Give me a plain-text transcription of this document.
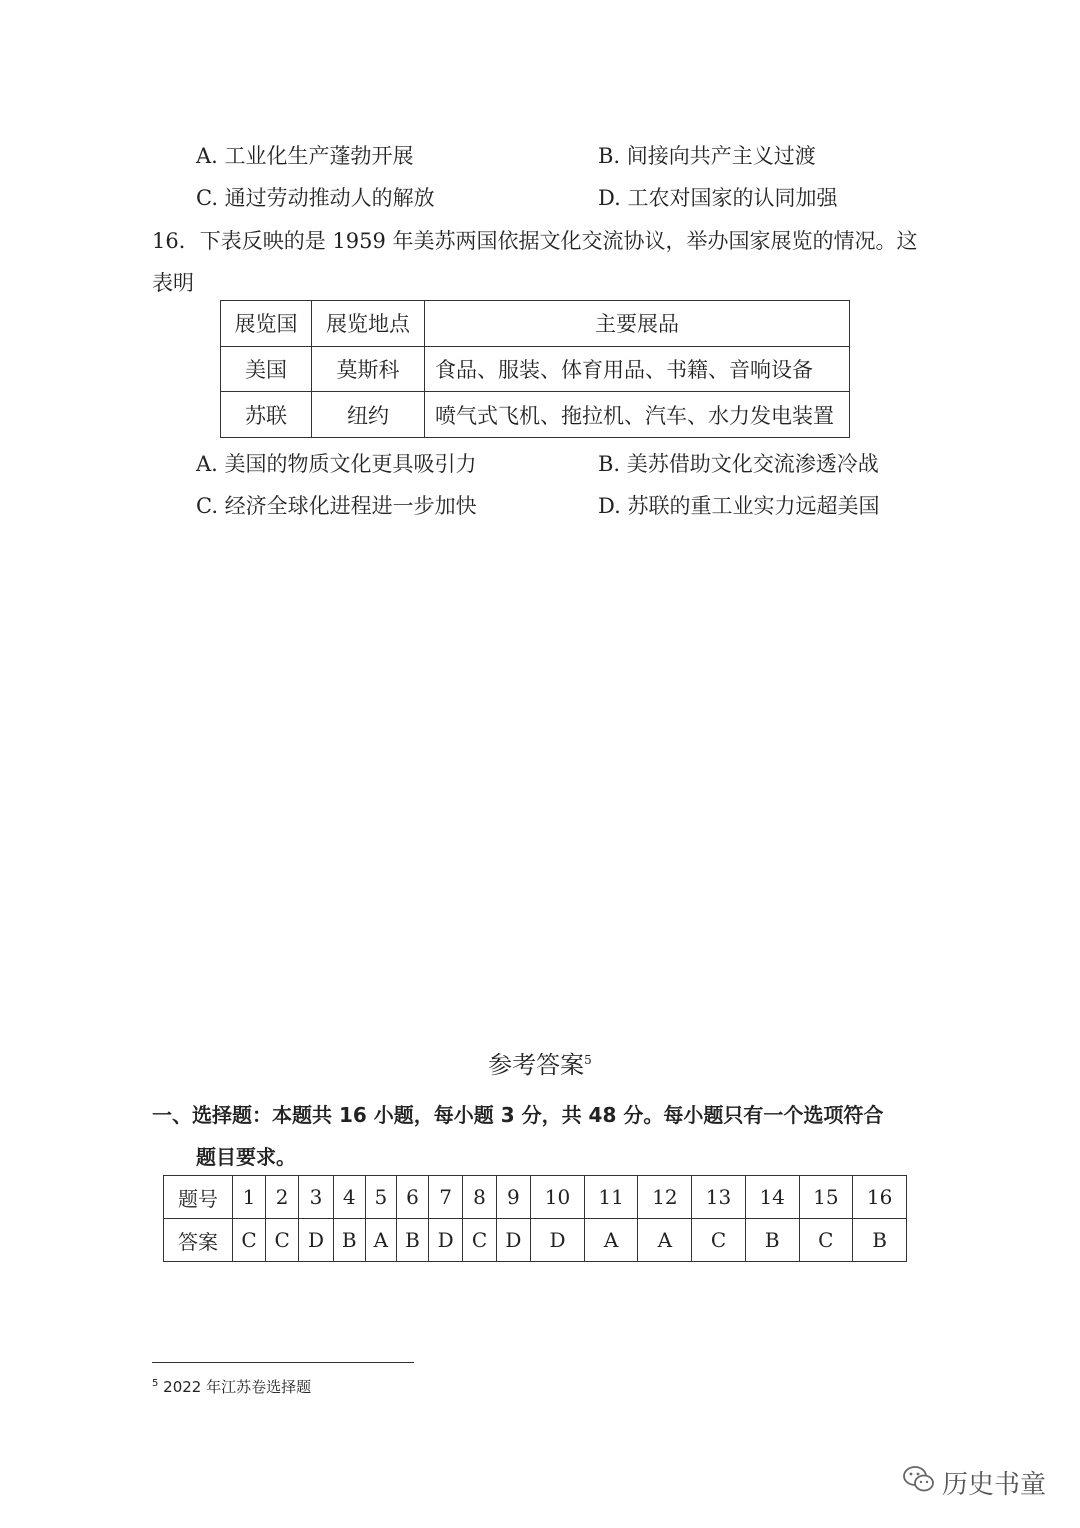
A. 工业化生产蓬勃开展	B. 间接向共产主义过渡
C. 通过劳动推动人的解放	D. 工农对国家的认同加强
16．下表反映的是 1959 年美苏两国依据文化交流协议，举办国家展览的情况。这
表明
展览国	展览地点	主要展品
美国	莫斯科	食品、服装、体育用品、书籍、音响设备
苏联	纽约	喷气式飞机、拖拉机、汽车、水力发电装置
A. 美国的物质文化更具吸引力	B. 美苏借助文化交流渗透冷战
C. 经济全球化进程进一步加快	D. 苏联的重工业实力远超美国
参考答案$^5$
一、选择题：本题共 16 小题，每小题 3 分，共 48 分。每小题只有一个选项符合
题目要求。
题号	1	2	3	4	5	6	7	8	9	10	11	12	13	14	15	16
答案	C	C	D	B	A	B	D	C	D	D	A	A	C	B	C	B
$^5$ 2022 年江苏卷选择题
历史书童
